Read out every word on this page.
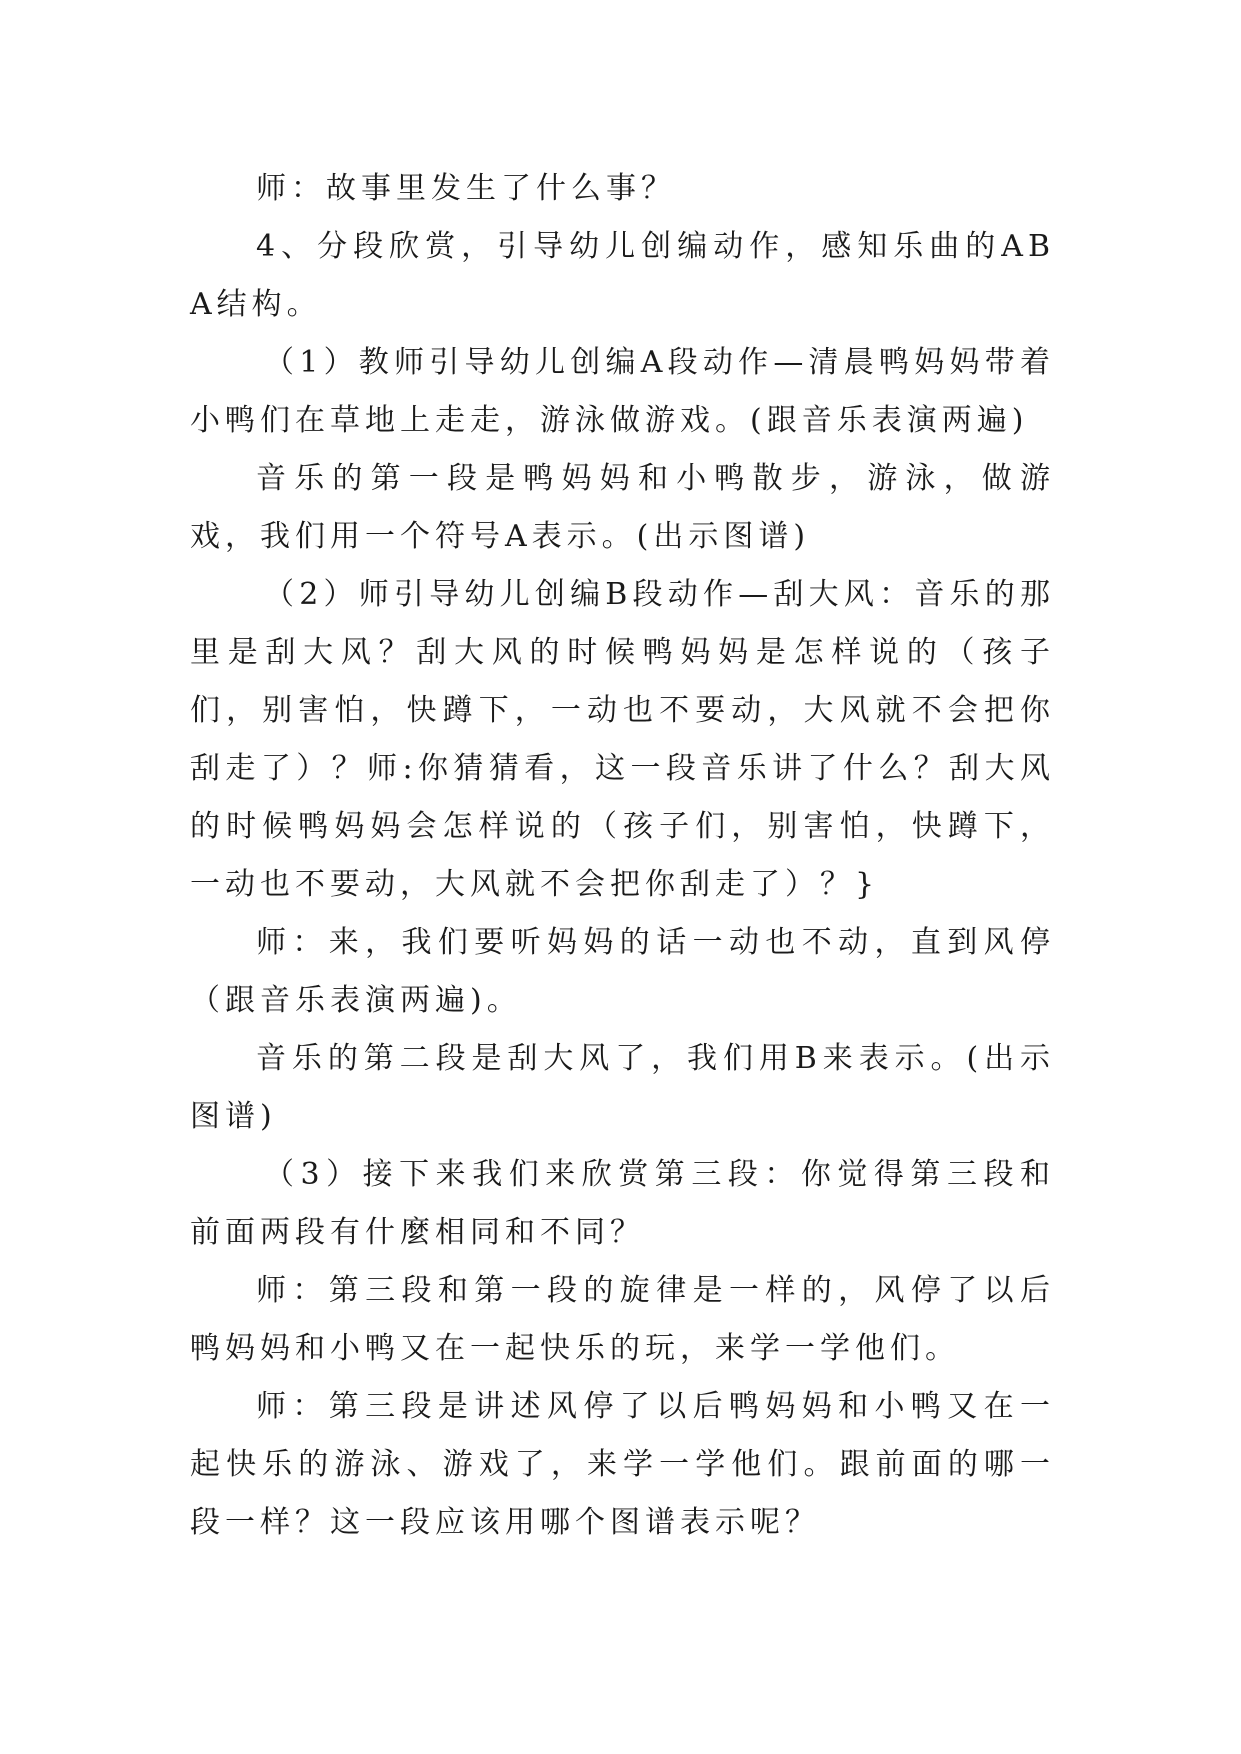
师：故事里发生了什么事？

4、分段欣赏，引导幼儿创编动作，感知乐曲的ABA结构。

（1）教师引导幼儿创编A段动作—清晨鸭妈妈带着小鸭们在草地上走走，游泳做游戏。(跟音乐表演两遍)

音乐的第一段是鸭妈妈和小鸭散步，游泳，做游戏，我们用一个符号A表示。(出示图谱)

（2）师引导幼儿创编B段动作—刮大风：音乐的那里是刮大风？刮大风的时候鸭妈妈是怎样说的（孩子们，别害怕，快蹲下，一动也不要动，大风就不会把你刮走了）？师:你猜猜看，这一段音乐讲了什么？刮大风的时候鸭妈妈会怎样说的（孩子们，别害怕，快蹲下，一动也不要动，大风就不会把你刮走了）？}

师：来，我们要听妈妈的话一动也不动，直到风停（跟音乐表演两遍)。

音乐的第二段是刮大风了，我们用B来表示。(出示图谱)

（3）接下来我们来欣赏第三段：你觉得第三段和前面两段有什麼相同和不同？

师：第三段和第一段的旋律是一样的，风停了以后鸭妈妈和小鸭又在一起快乐的玩，来学一学他们。

师：第三段是讲述风停了以后鸭妈妈和小鸭又在一起快乐的游泳、游戏了，来学一学他们。跟前面的哪一段一样？这一段应该用哪个图谱表示呢？
